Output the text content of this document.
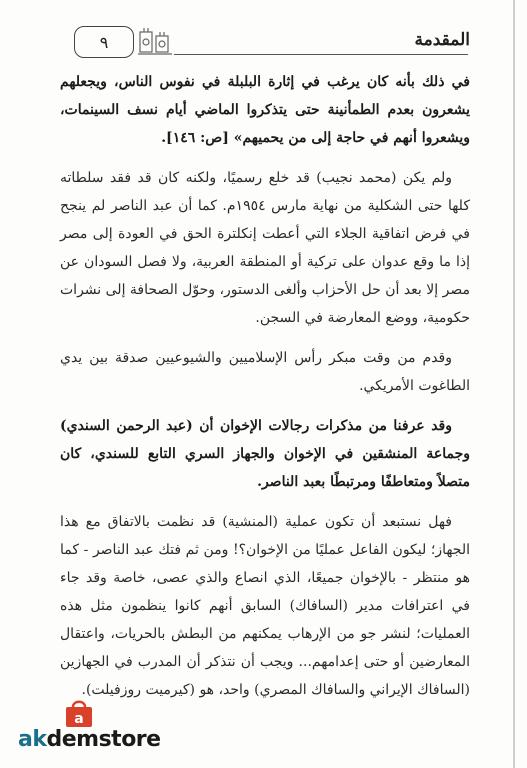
٩	المقدمة

في ذلك بأنه كان يرغب في إثارة البلبلة في نفوس الناس، ويجعلهم يشعرون بعدم الطمأنينة حتى يتذكروا الماضي أيام نسف السينمات، ويشعروا أنهم في حاجة إلى من يحميهم» [ص: ١٤٦].

ولم يكن (محمد نجيب) قد خلع رسميًا، ولكنه كان قد فقد سلطاته كلها حتى الشكلية من نهاية مارس ١٩٥٤م. كما أن عبد الناصر لم ينجح في فرض اتفاقية الجلاء التي أعطت إنكلترة الحق في العودة إلى مصر إذا ما وقع عدوان على تركية أو المنطقة العربية، ولا فصل السودان عن مصر إلا بعد أن حل الأحزاب وألغى الدستور، وحوّل الصحافة إلى نشرات حكومية، ووضع المعارضة في السجن.

وقدم من وقت مبكر رأس الإسلاميين والشيوعيين صدقة بين يدي الطاغوت الأمريكي.

وقد عرفنا من مذكرات رجالات الإخوان أن (عبد الرحمن السندي) وجماعة المنشقين في الإخوان والجهاز السري التابع للسندي، كان متصلاً ومتعاطفًا ومرتبطًا بعبد الناصر.

فهل نستبعد أن تكون عملية (المنشية) قد نظمت بالاتفاق مع هذا الجهاز؛ ليكون الفاعل عمليًا من الإخوان؟! ومن ثم فتك عبد الناصر - كما هو منتظر - بالإخوان جميعًا، الذي انصاع والذي عصى، خاصة وقد جاء في اعترافات مدير (السافاك) السابق أنهم كانوا ينظمون مثل هذه العمليات؛ لنشر جو من الإرهاب يمكنهم من البطش بالحريات، واعتقال المعارضين أو حتى إعدامهم... ويجب أن نتذكر أن المدرب في الجهازين (السافاك الإيراني والسافاك المصري) واحد، هو (كيرميت روزفيلت).

a
akdemstore
